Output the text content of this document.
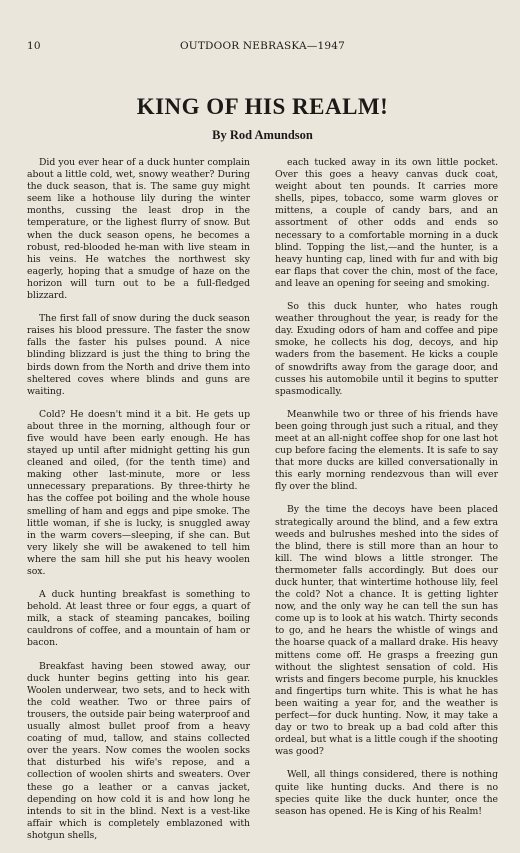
10	OUTDOOR NEBRASKA—1947
KING OF HIS REALM!
By Rod Amundson

Did you ever hear of a duck hunter complain about a little cold, wet, snowy weather? During the duck season, that is. The same guy might seem like a hothouse lily during the winter months, cussing the least drop in the temperature, or the lighest flurry of snow. But when the duck season opens, he becomes a robust, red-blooded he-man with live steam in his veins. He watches the northwest sky eagerly, hoping that a smudge of haze on the horizon will turn out to be a full-fledged blizzard.

The first fall of snow during the duck season raises his blood pressure. The faster the snow falls the faster his pulses pound. A nice blinding blizzard is just the thing to bring the birds down from the North and drive them into sheltered coves where blinds and guns are waiting.

Cold? He doesn't mind it a bit. He gets up about three in the morning, although four or five would have been early enough. He has stayed up until after midnight getting his gun cleaned and oiled, (for the tenth time) and making other last-minute, more or less unnecessary preparations. By three-thirty he has the coffee pot boiling and the whole house smelling of ham and eggs and pipe smoke. The little woman, if she is lucky, is snuggled away in the warm covers—sleeping, if she can. But very likely she will be awakened to tell him where the sam hill she put his heavy woolen sox.

A duck hunting breakfast is something to behold. At least three or four eggs, a quart of milk, a stack of steaming pancakes, boiling cauldrons of coffee, and a mountain of ham or bacon.

Breakfast having been stowed away, our duck hunter begins getting into his gear. Woolen underwear, two sets, and to heck with the cold weather. Two or three pairs of trousers, the outside pair being waterproof and usually almost bullet proof from a heavy coating of mud, tallow, and stains collected over the years. Now comes the woolen socks that disturbed his wife's repose, and a collection of woolen shirts and sweaters. Over these go a leather or a canvas jacket, depending on how cold it is and how long he intends to sit in the blind. Next is a vest-like affair which is completely emblazoned with shotgun shells,

each tucked away in its own little pocket. Over this goes a heavy canvas duck coat, weight about ten pounds. It carries more shells, pipes, tobacco, some warm gloves or mittens, a couple of candy bars, and an assortment of other odds and ends so necessary to a comfortable morning in a duck blind. Topping the list,—and the hunter, is a heavy hunting cap, lined with fur and with big ear flaps that cover the chin, most of the face, and leave an opening for seeing and smoking.

So this duck hunter, who hates rough weather throughout the year, is ready for the day. Exuding odors of ham and coffee and pipe smoke, he collects his dog, decoys, and hip waders from the basement. He kicks a couple of snowdrifts away from the garage door, and cusses his automobile until it begins to sputter spasmodically.

Meanwhile two or three of his friends have been going through just such a ritual, and they meet at an all-night coffee shop for one last hot cup before facing the elements. It is safe to say that more ducks are killed conversationally in this early morning rendezvous than will ever fly over the blind.

By the time the decoys have been placed strategically around the blind, and a few extra weeds and bulrushes meshed into the sides of the blind, there is still more than an hour to kill. The wind blows a little stronger. The thermometer falls accordingly. But does our duck hunter, that wintertime hothouse lily, feel the cold? Not a chance. It is getting lighter now, and the only way he can tell the sun has come up is to look at his watch. Thirty seconds to go, and he hears the whistle of wings and the hoarse quack of a mallard drake. His heavy mittens come off. He grasps a freezing gun without the slightest sensation of cold. His wrists and fingers become purple, his knuckles and fingertips turn white. This is what he has been waiting a year for, and the weather is perfect—for duck hunting. Now, it may take a day or two to break up a bad cold after this ordeal, but what is a little cough if the shooting was good?

Well, all things considered, there is nothing quite like hunting ducks. And there is no species quite like the duck hunter, once the season has opened. He is King of his Realm!
